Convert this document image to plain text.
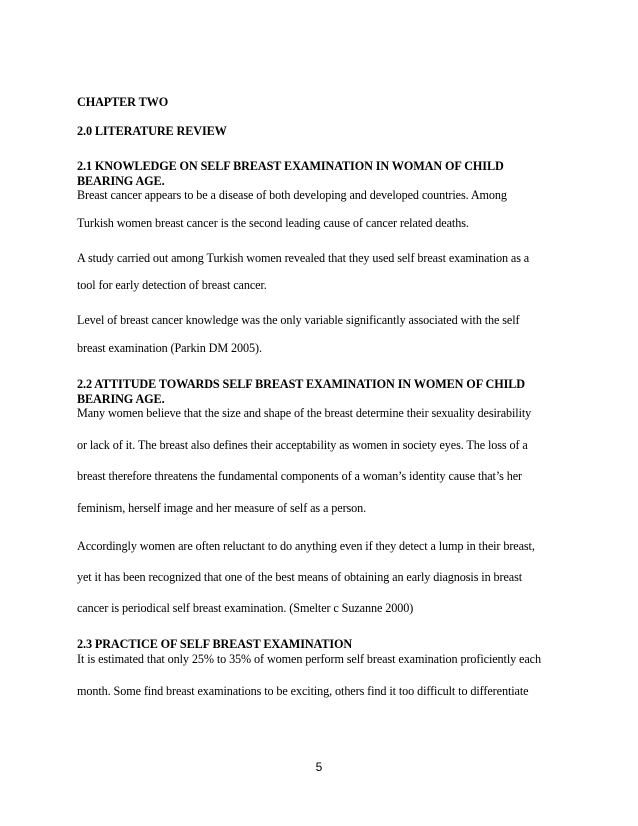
CHAPTER TWO

2.0 LITERATURE REVIEW

2.1 KNOWLEDGE ON SELF BREAST EXAMINATION IN WOMAN OF CHILD

BEARING AGE.

Breast cancer appears to be a disease of both developing and developed countries. Among

Turkish women breast cancer is the second leading cause of cancer related deaths.

A study carried out among Turkish women revealed that they used self breast examination as a

tool for early detection of breast cancer.

Level of breast cancer knowledge was the only variable significantly associated with the self

breast examination (Parkin DM 2005).

2.2 ATTITUDE TOWARDS SELF BREAST EXAMINATION IN WOMEN OF CHILD

BEARING AGE.

Many women believe that the size and shape of the breast determine their sexuality desirability

or lack of it. The breast also defines their acceptability as women in society eyes. The loss of a

breast therefore threatens the fundamental components of a woman’s identity cause that’s her

feminism, herself image and her measure of self as a person.

Accordingly women are often reluctant to do anything even if they detect a lump in their breast,

yet it has been recognized that one of the best means of obtaining an early diagnosis in breast

cancer is periodical self breast examination. (Smelter c Suzanne 2000)

2.3 PRACTICE OF SELF BREAST EXAMINATION

It is estimated that only 25% to 35% of women perform self breast examination proficiently each

month. Some find breast examinations to be exciting, others find it too difficult to differentiate

5
